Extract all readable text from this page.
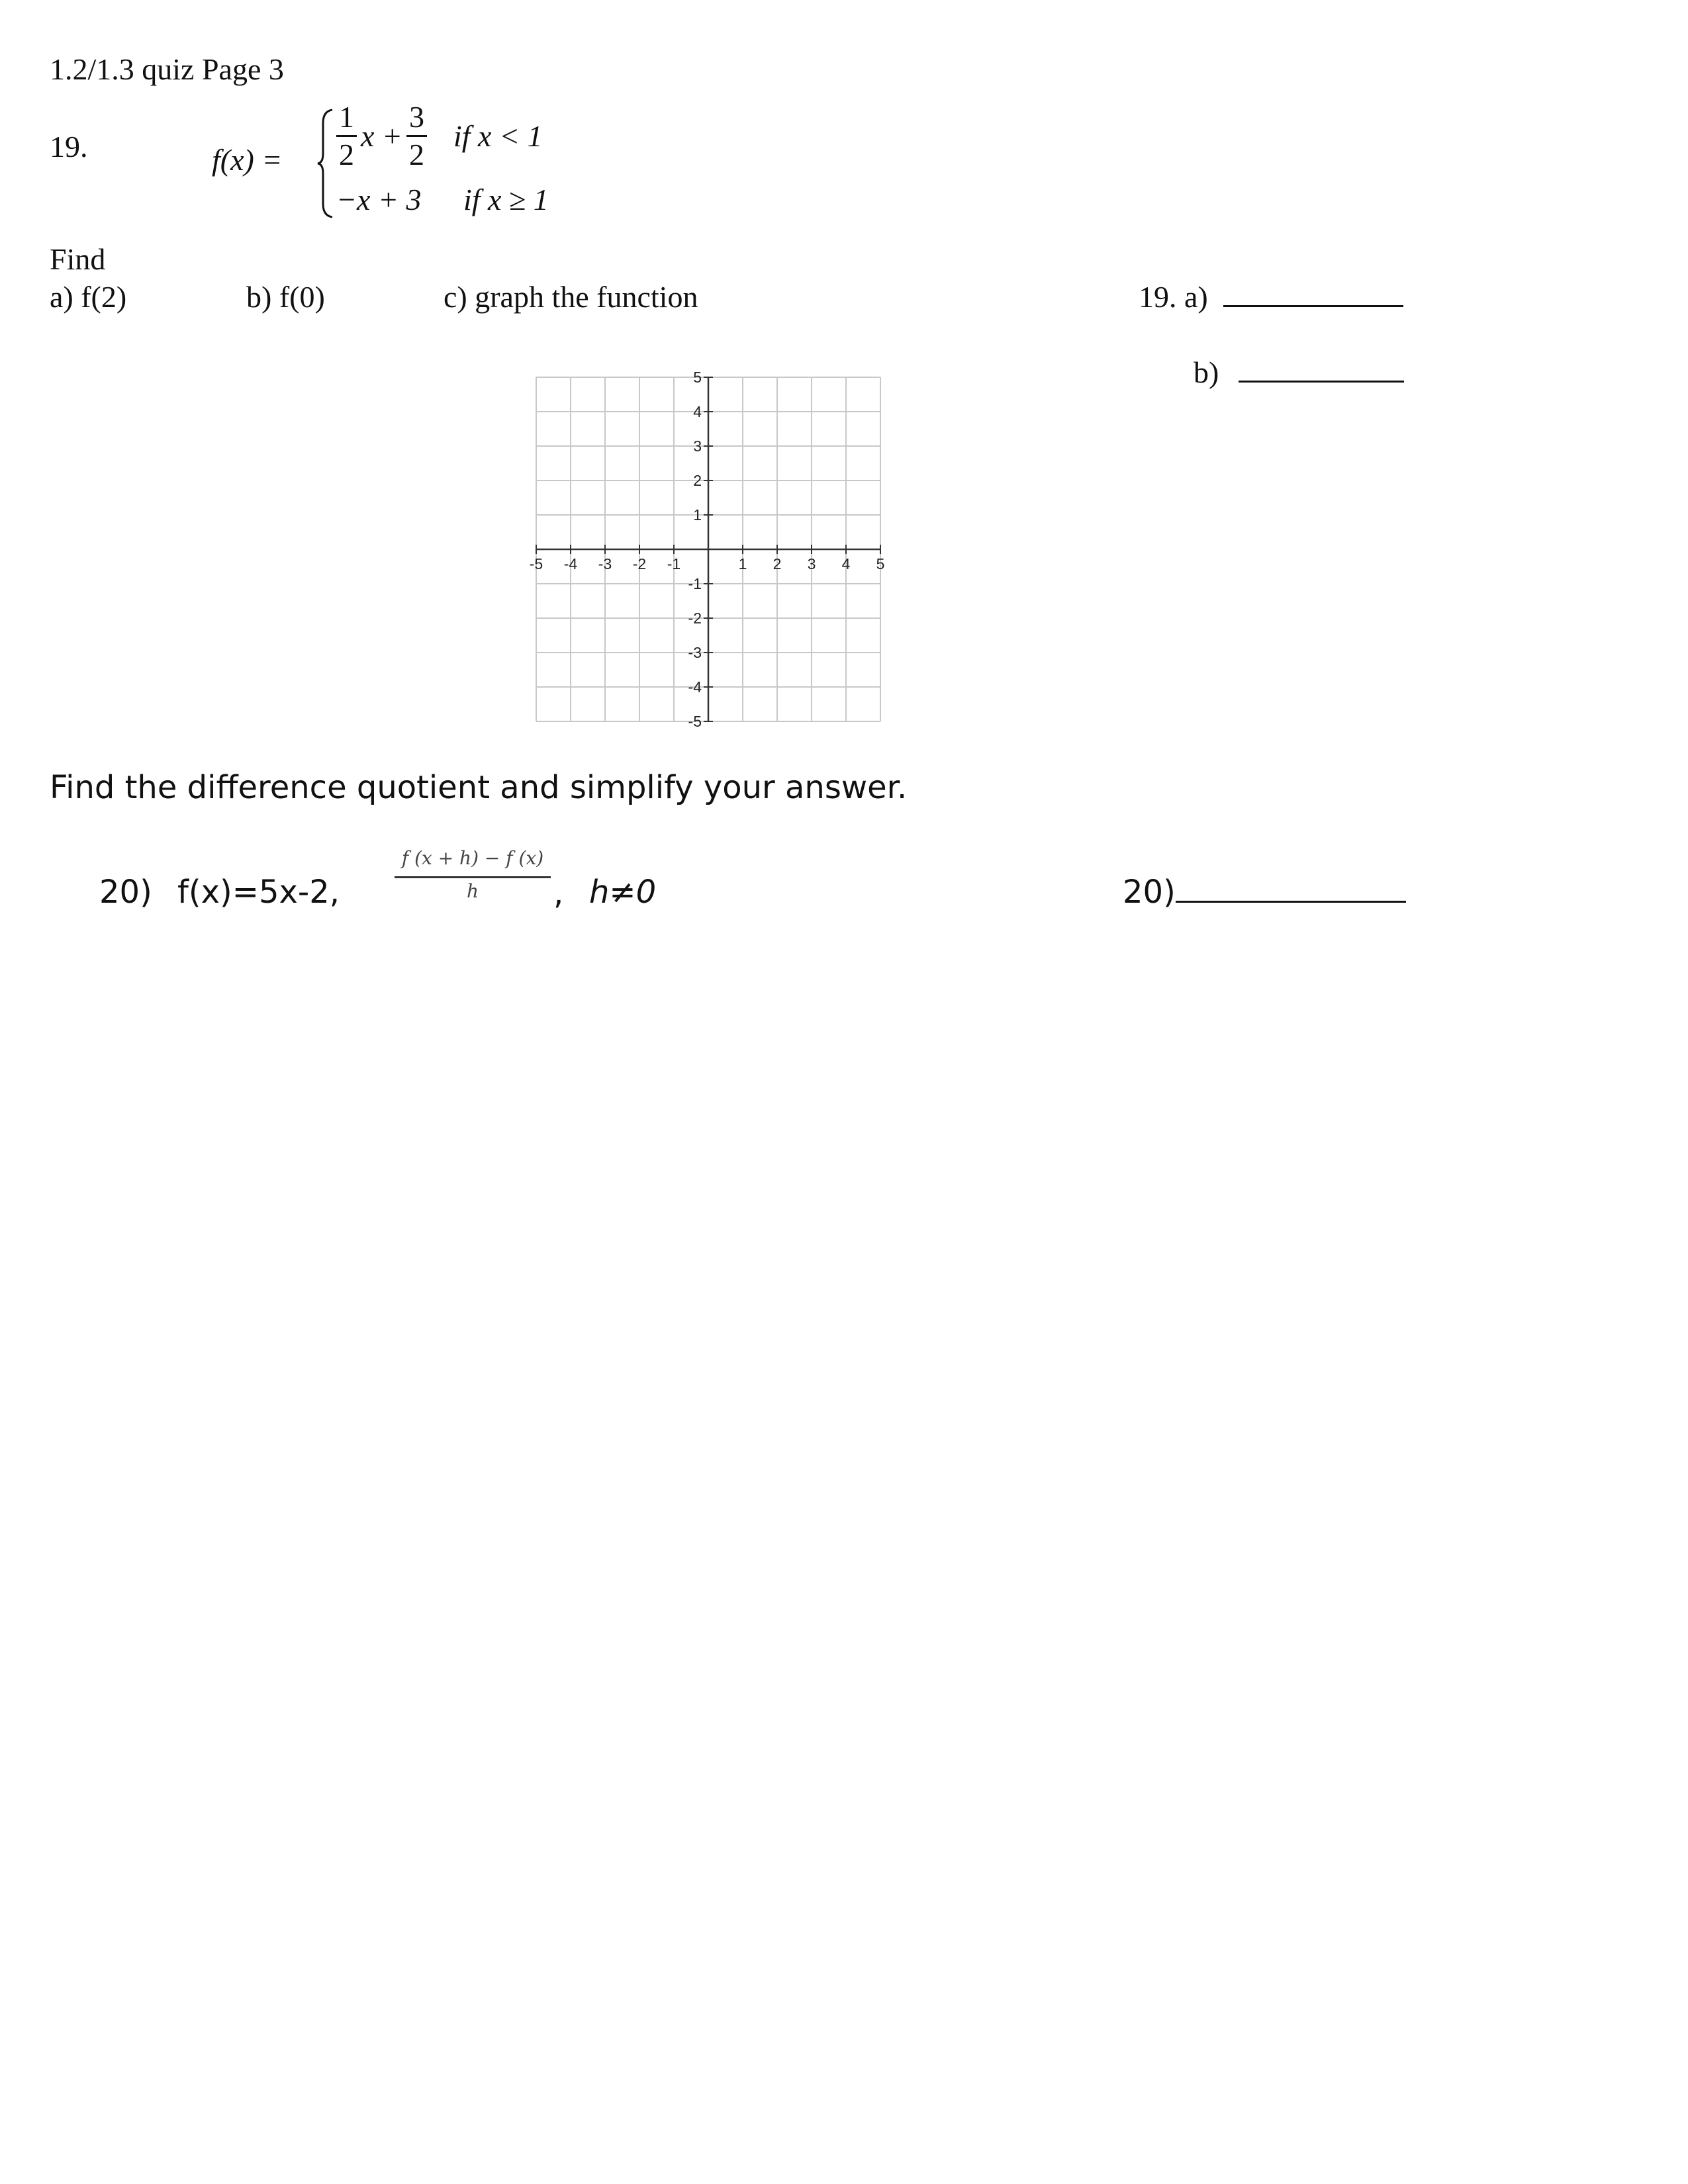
1.2/1.3 quiz Page 3
19.	$f(x) = \frac{1}{2}$ $x + \frac{3}{2}$ if x < 1
−x + 3 if x ≥ 1
Find
a) f(2)	b) f(0)	c) graph the function	19. a)
b)
-5 -4 -3 -2 -1	1 2 3 4 5
5
4
3
2
1
-1
-2
-3
-4
-5
Find the difference quotient and simplify your answer.
20) f(x)=5x-2,
f (x + h) − f (x)
h	, h≠0	20)
